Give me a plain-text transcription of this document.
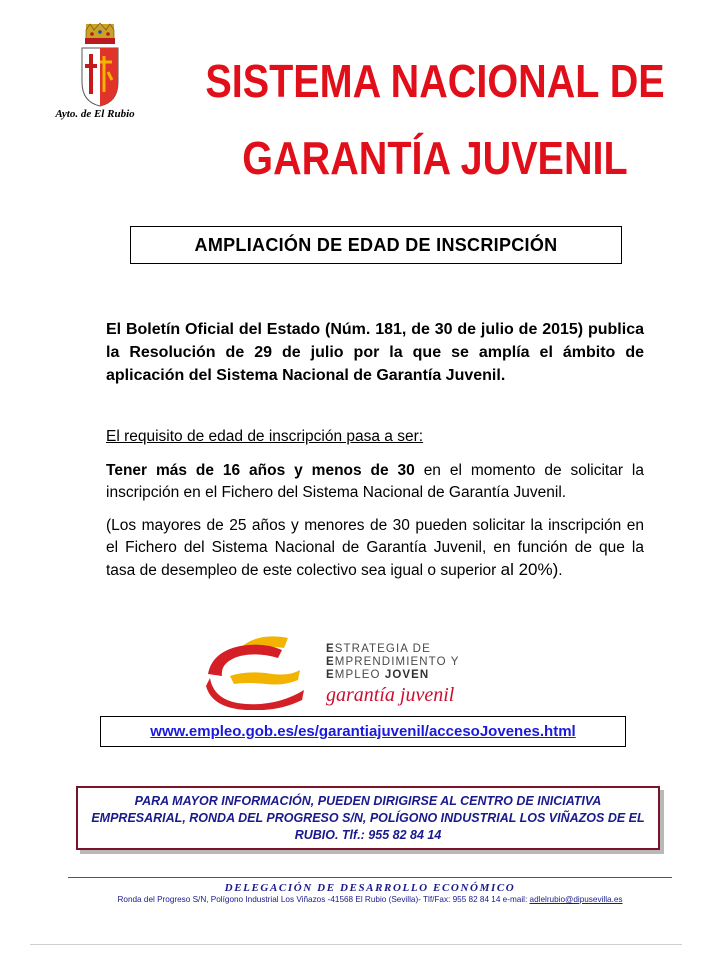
Ayto. de El Rubio
SISTEMA NACIONAL DE
GARANTÍA JUVENIL
AMPLIACIÓN DE EDAD DE INSCRIPCIÓN
El Boletín Oficial del Estado (Núm. 181, de 30 de julio de 2015) publica la Resolución de 29 de julio por la que se amplía el ámbito de aplicación del Sistema Nacional de Garantía Juvenil.
El requisito de edad de inscripción pasa a ser:
Tener más de 16 años y menos de 30 en el momento de solicitar la inscripción en el Fichero del Sistema Nacional de Garantía Juvenil.
(Los mayores de 25 años y menores de 30 pueden solicitar la inscripción en el Fichero del Sistema Nacional de Garantía Juvenil, en función de que la tasa de desempleo de este colectivo sea igual o superior al 20%).
ESTRATEGIA DE
EMPRENDIMIENTO Y
EMPLEO JOVEN
garantía juvenil
www.empleo.gob.es/es/garantiajuvenil/accesoJovenes.html
PARA MAYOR INFORMACIÓN, PUEDEN DIRIGIRSE AL CENTRO DE INICIATIVA EMPRESARIAL, RONDA DEL PROGRESO S/N, POLÍGONO INDUSTRIAL LOS VIÑAZOS DE EL RUBIO. Tlf.: 955 82 84 14
DELEGACIÓN DE DESARROLLO ECONÓMICO
Ronda del Progreso S/N, Polígono Industrial Los Viñazos -41568 El Rubio (Sevilla)- Tlf/Fax: 955 82 84 14 e-mail: adlelrubio@dipusevilla.es
